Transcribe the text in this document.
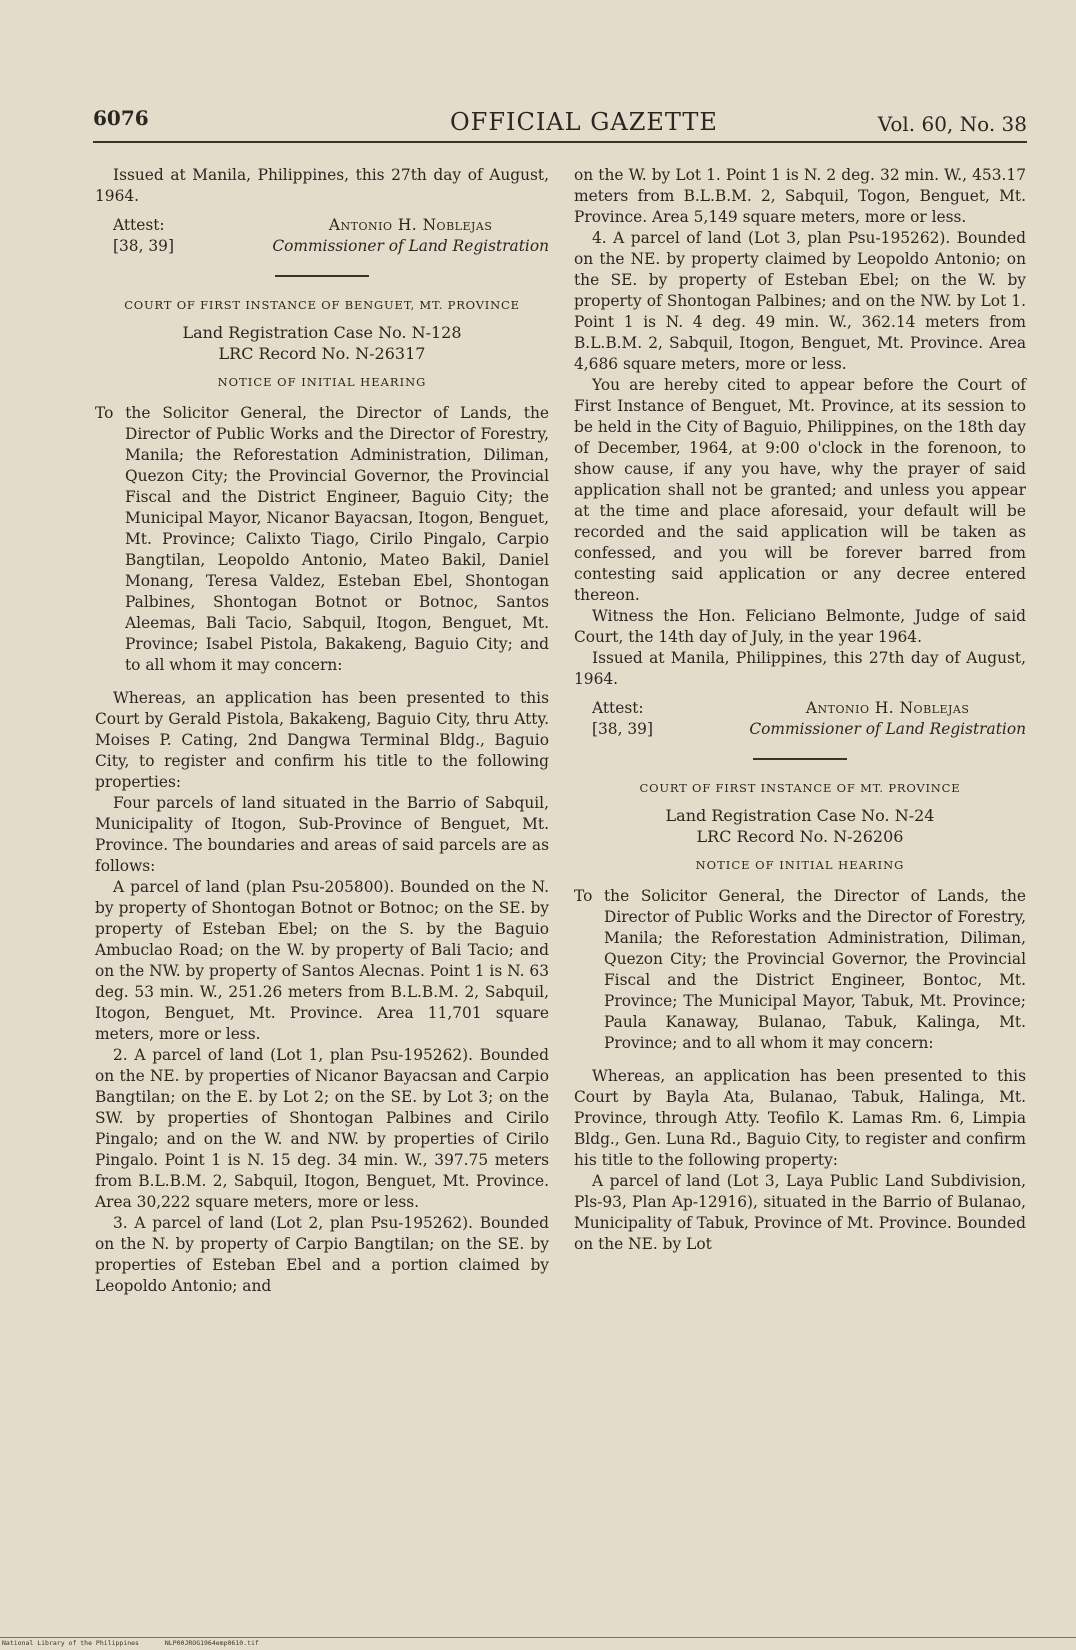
6076	OFFICIAL GAZETTE	Vol. 60, No. 38

Issued at Manila, Philippines, this 27th day of August, 1964.

Attest:
[38, 39]
Antonio H. Noblejas
Commissioner of Land Registration
COURT OF FIRST INSTANCE OF BENGUET, MT. PROVINCE
Land Registration Case No. N-128
LRC Record No. N-26317
NOTICE OF INITIAL HEARING

To the Solicitor General, the Director of Lands, the Director of Public Works and the Director of Forestry, Manila; the Reforestation Administration, Diliman, Quezon City; the Provincial Governor, the Provincial Fiscal and the District Engineer, Baguio City; the Municipal Mayor, Nicanor Bayacsan, Itogon, Benguet, Mt. Province; Calixto Tiago, Cirilo Pingalo, Carpio Bangtilan, Leopoldo Antonio, Mateo Bakil, Daniel Monang, Teresa Valdez, Esteban Ebel, Shontogan Palbines, Shontogan Botnot or Botnoc, Santos Aleemas, Bali Tacio, Sabquil, Itogon, Benguet, Mt. Province; Isabel Pistola, Bakakeng, Baguio City; and to all whom it may concern:

Whereas, an application has been presented to this Court by Gerald Pistola, Bakakeng, Baguio City, thru Atty. Moises P. Cating, 2nd Dangwa Terminal Bldg., Baguio City, to register and confirm his title to the following properties:

Four parcels of land situated in the Barrio of Sabquil, Municipality of Itogon, Sub-Province of Benguet, Mt. Province. The boundaries and areas of said parcels are as follows:

A parcel of land (plan Psu-205800). Bounded on the N. by property of Shontogan Botnot or Botnoc; on the SE. by property of Esteban Ebel; on the S. by the Baguio Ambuclao Road; on the W. by property of Bali Tacio; and on the NW. by property of Santos Alecnas. Point 1 is N. 63 deg. 53 min. W., 251.26 meters from B.L.B.M. 2, Sabquil, Itogon, Benguet, Mt. Province. Area 11,701 square meters, more or less.

2. A parcel of land (Lot 1, plan Psu-195262). Bounded on the NE. by properties of Nicanor Bayacsan and Carpio Bangtilan; on the E. by Lot 2; on the SE. by Lot 3; on the SW. by properties of Shontogan Palbines and Cirilo Pingalo; and on the W. and NW. by properties of Cirilo Pingalo. Point 1 is N. 15 deg. 34 min. W., 397.75 meters from B.L.B.M. 2, Sabquil, Itogon, Benguet, Mt. Province. Area 30,222 square meters, more or less.

3. A parcel of land (Lot 2, plan Psu-195262). Bounded on the N. by property of Carpio Bangtilan; on the SE. by properties of Esteban Ebel and a portion claimed by Leopoldo Antonio; and

on the W. by Lot 1. Point 1 is N. 2 deg. 32 min. W., 453.17 meters from B.L.B.M. 2, Sabquil, Togon, Benguet, Mt. Province. Area 5,149 square meters, more or less.

4. A parcel of land (Lot 3, plan Psu-195262). Bounded on the NE. by property claimed by Leopoldo Antonio; on the SE. by property of Esteban Ebel; on the W. by property of Shontogan Palbines; and on the NW. by Lot 1. Point 1 is N. 4 deg. 49 min. W., 362.14 meters from B.L.B.M. 2, Sabquil, Itogon, Benguet, Mt. Province. Area 4,686 square meters, more or less.

You are hereby cited to appear before the Court of First Instance of Benguet, Mt. Province, at its session to be held in the City of Baguio, Philippines, on the 18th day of December, 1964, at 9:00 o'clock in the forenoon, to show cause, if any you have, why the prayer of said application shall not be granted; and unless you appear at the time and place aforesaid, your default will be recorded and the said application will be taken as confessed, and you will be forever barred from contesting said application or any decree entered thereon.

Witness the Hon. Feliciano Belmonte, Judge of said Court, the 14th day of July, in the year 1964.

Issued at Manila, Philippines, this 27th day of August, 1964.

Attest:
[38, 39]
Antonio H. Noblejas
Commissioner of Land Registration
COURT OF FIRST INSTANCE OF MT. PROVINCE
Land Registration Case No. N-24
LRC Record No. N-26206
NOTICE OF INITIAL HEARING

To the Solicitor General, the Director of Lands, the Director of Public Works and the Director of Forestry, Manila; the Reforestation Administration, Diliman, Quezon City; the Provincial Governor, the Provincial Fiscal and the District Engineer, Bontoc, Mt. Province; The Municipal Mayor, Tabuk, Mt. Province; Paula Kanaway, Bulanao, Tabuk, Kalinga, Mt. Province; and to all whom it may concern:

Whereas, an application has been presented to this Court by Bayla Ata, Bulanao, Tabuk, Halinga, Mt. Province, through Atty. Teofilo K. Lamas Rm. 6, Limpia Bldg., Gen. Luna Rd., Baguio City, to register and confirm his title to the following property:

A parcel of land (Lot 3, Laya Public Land Subdivision, Pls-93, Plan Ap-12916), situated in the Barrio of Bulanao, Municipality of Tabuk, Province of Mt. Province. Bounded on the NE. by Lot

National Library of the Philippines	NLP00JROG1964emp0610.tif
